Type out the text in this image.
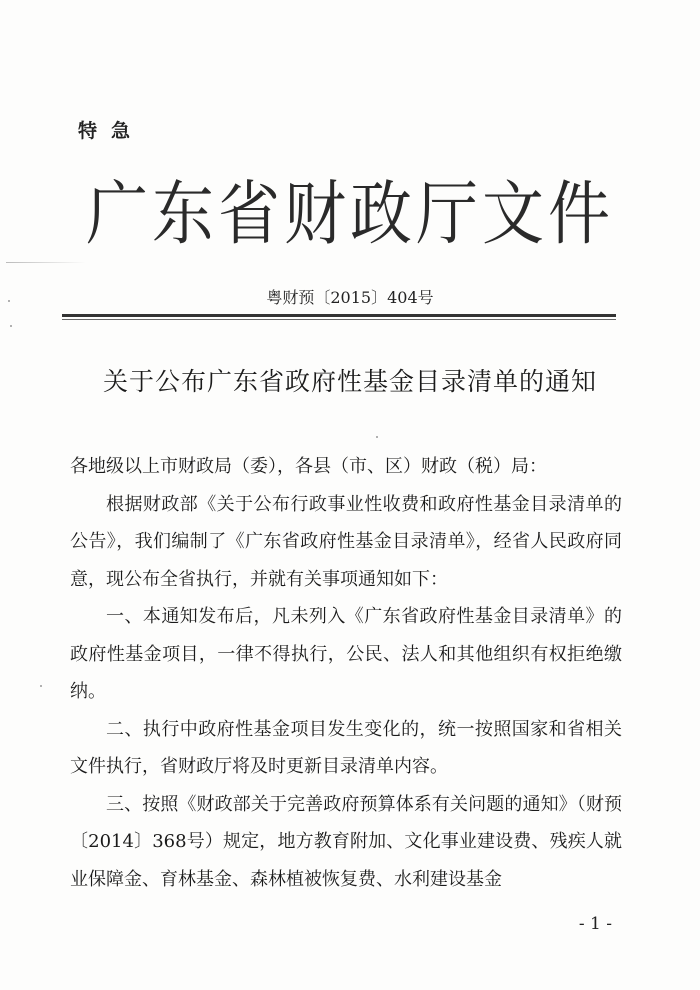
特急
广东省财政厅文件
粤财预〔2015〕404号
关于公布广东省政府性基金目录清单的通知

各地级以上市财政局（委），各县（市、区）财政（税）局：

根据财政部《关于公布行政事业性收费和政府性基金目录清单的公告》，我们编制了《广东省政府性基金目录清单》，经省人民政府同意，现公布全省执行，并就有关事项通知如下：

一、本通知发布后，凡未列入《广东省政府性基金目录清单》的政府性基金项目，一律不得执行，公民、法人和其他组织有权拒绝缴纳。

二、执行中政府性基金项目发生变化的，统一按照国家和省相关文件执行，省财政厅将及时更新目录清单内容。

三、按照《财政部关于完善政府预算体系有关问题的通知》（财预〔2014〕368号）规定，地方教育附加、文化事业建设费、残疾人就业保障金、育林基金、森林植被恢复费、水利建设基金

- 1 -
